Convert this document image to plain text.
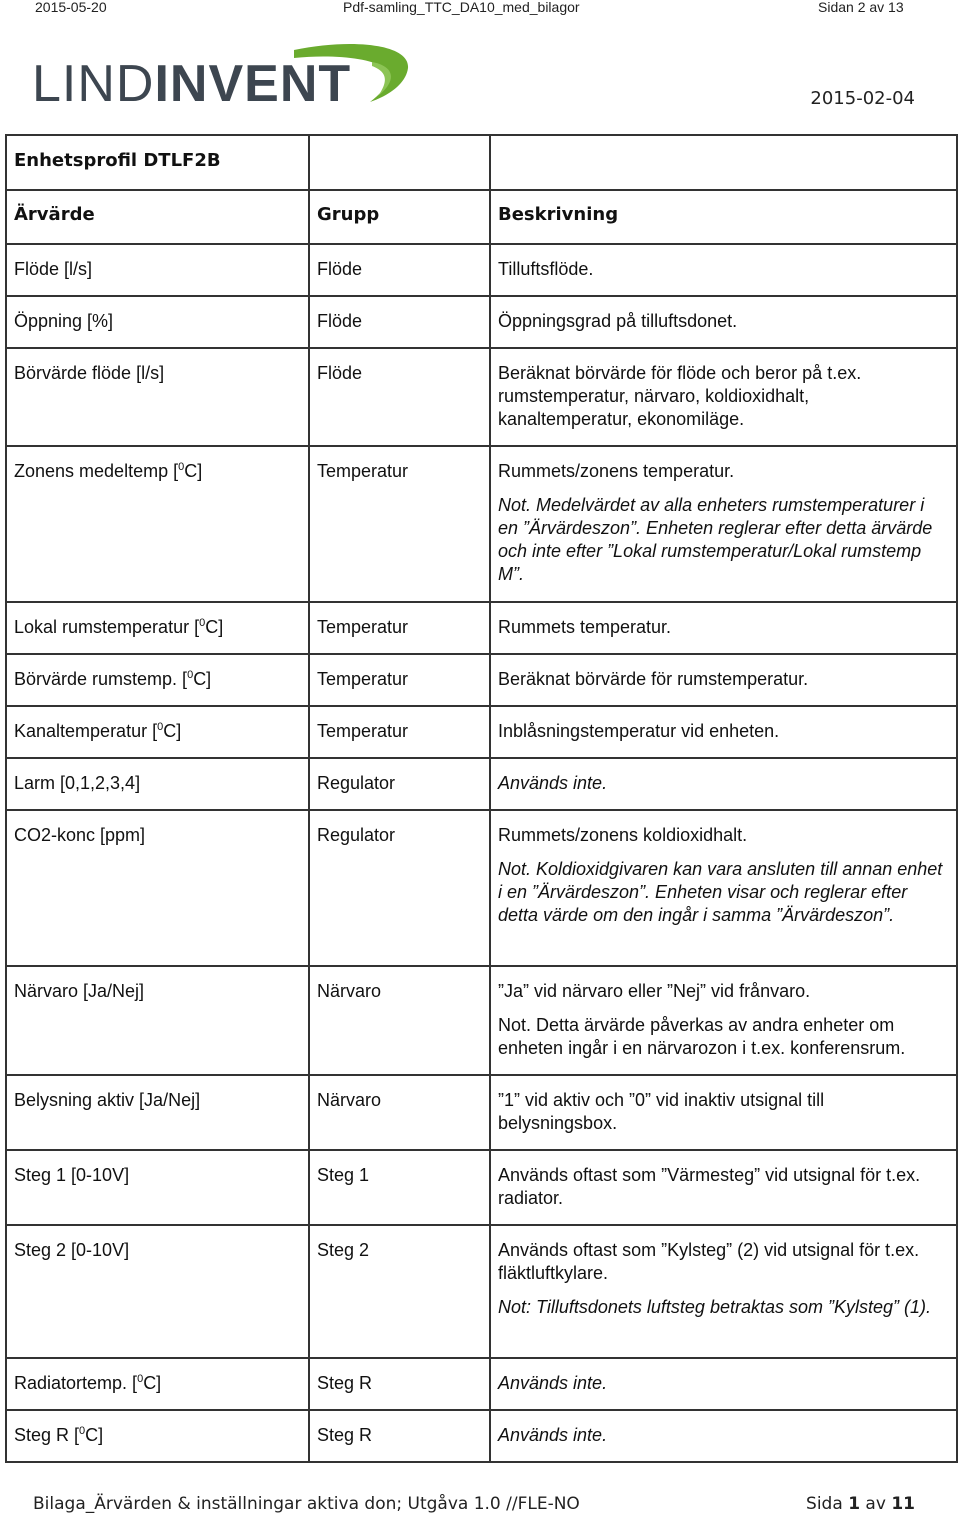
2015-05-20	Pdf-samling_TTC_DA10_med_bilagor	Sidan 2 av 13
LINDINVENT	2015-02-04
Enhetsprofil DTLF2B		
Ärvärde	Grupp	Beskrivning
Flöde [l/s]	Flöde	Tilluftsflöde.
Öppning [%]	Flöde	Öppningsgrad på tilluftsdonet.
Börvärde flöde [l/s]	Flöde	Beräknat börvärde för flöde och beror på t.ex. rumstemperatur, närvaro, koldioxidhalt, kanaltemperatur, ekonomiläge.
Zonens medeltemp [$^0$C]	Temperatur	Rummets/zonens temperatur.

Not. Medelvärdet av alla enheters rumstemperaturer i en ”Ärvärdeszon”. Enheten reglerar efter detta ärvärde och inte efter ”Lokal rumstemperatur/Lokal rumstemp M”.

Lokal rumstemperatur [$^0$C]	Temperatur	Rummets temperatur.
Börvärde rumstemp. [$^0$C]	Temperatur	Beräknat börvärde för rumstemperatur.
Kanaltemperatur [$^0$C]	Temperatur	Inblåsningstemperatur vid enheten.
Larm [0,1,2,3,4]	Regulator	Används inte.
CO2-konc [ppm]	Regulator	Rummets/zonens koldioxidhalt.

Not. Koldioxidgivaren kan vara ansluten till annan enhet i en ”Ärvärdeszon”. Enheten visar och reglerar efter detta värde om den ingår i samma ”Ärvärdeszon”.

Närvaro [Ja/Nej]	Närvaro	”Ja” vid närvaro eller ”Nej” vid frånvaro.

Not. Detta ärvärde påverkas av andra enheter om enheten ingår i en närvarozon i t.ex. konferensrum.

Belysning aktiv [Ja/Nej]	Närvaro	”1” vid aktiv och ”0” vid inaktiv utsignal till belysningsbox.
Steg 1 [0-10V]	Steg 1	Används oftast som ”Värmesteg” vid utsignal för t.ex. radiator.
Steg 2 [0-10V]	Steg 2	Används oftast som ”Kylsteg” (2) vid utsignal för t.ex. fläktluftkylare.

Not: Tilluftsdonets luftsteg betraktas som ”Kylsteg” (1).

Radiatortemp. [$^0$C]	Steg R	Används inte.
Steg R [$^0$C]	Steg R	Används inte.
Bilaga_Ärvärden & inställningar aktiva don; Utgåva 1.0 //FLE-NO	Sida 1 av 11
